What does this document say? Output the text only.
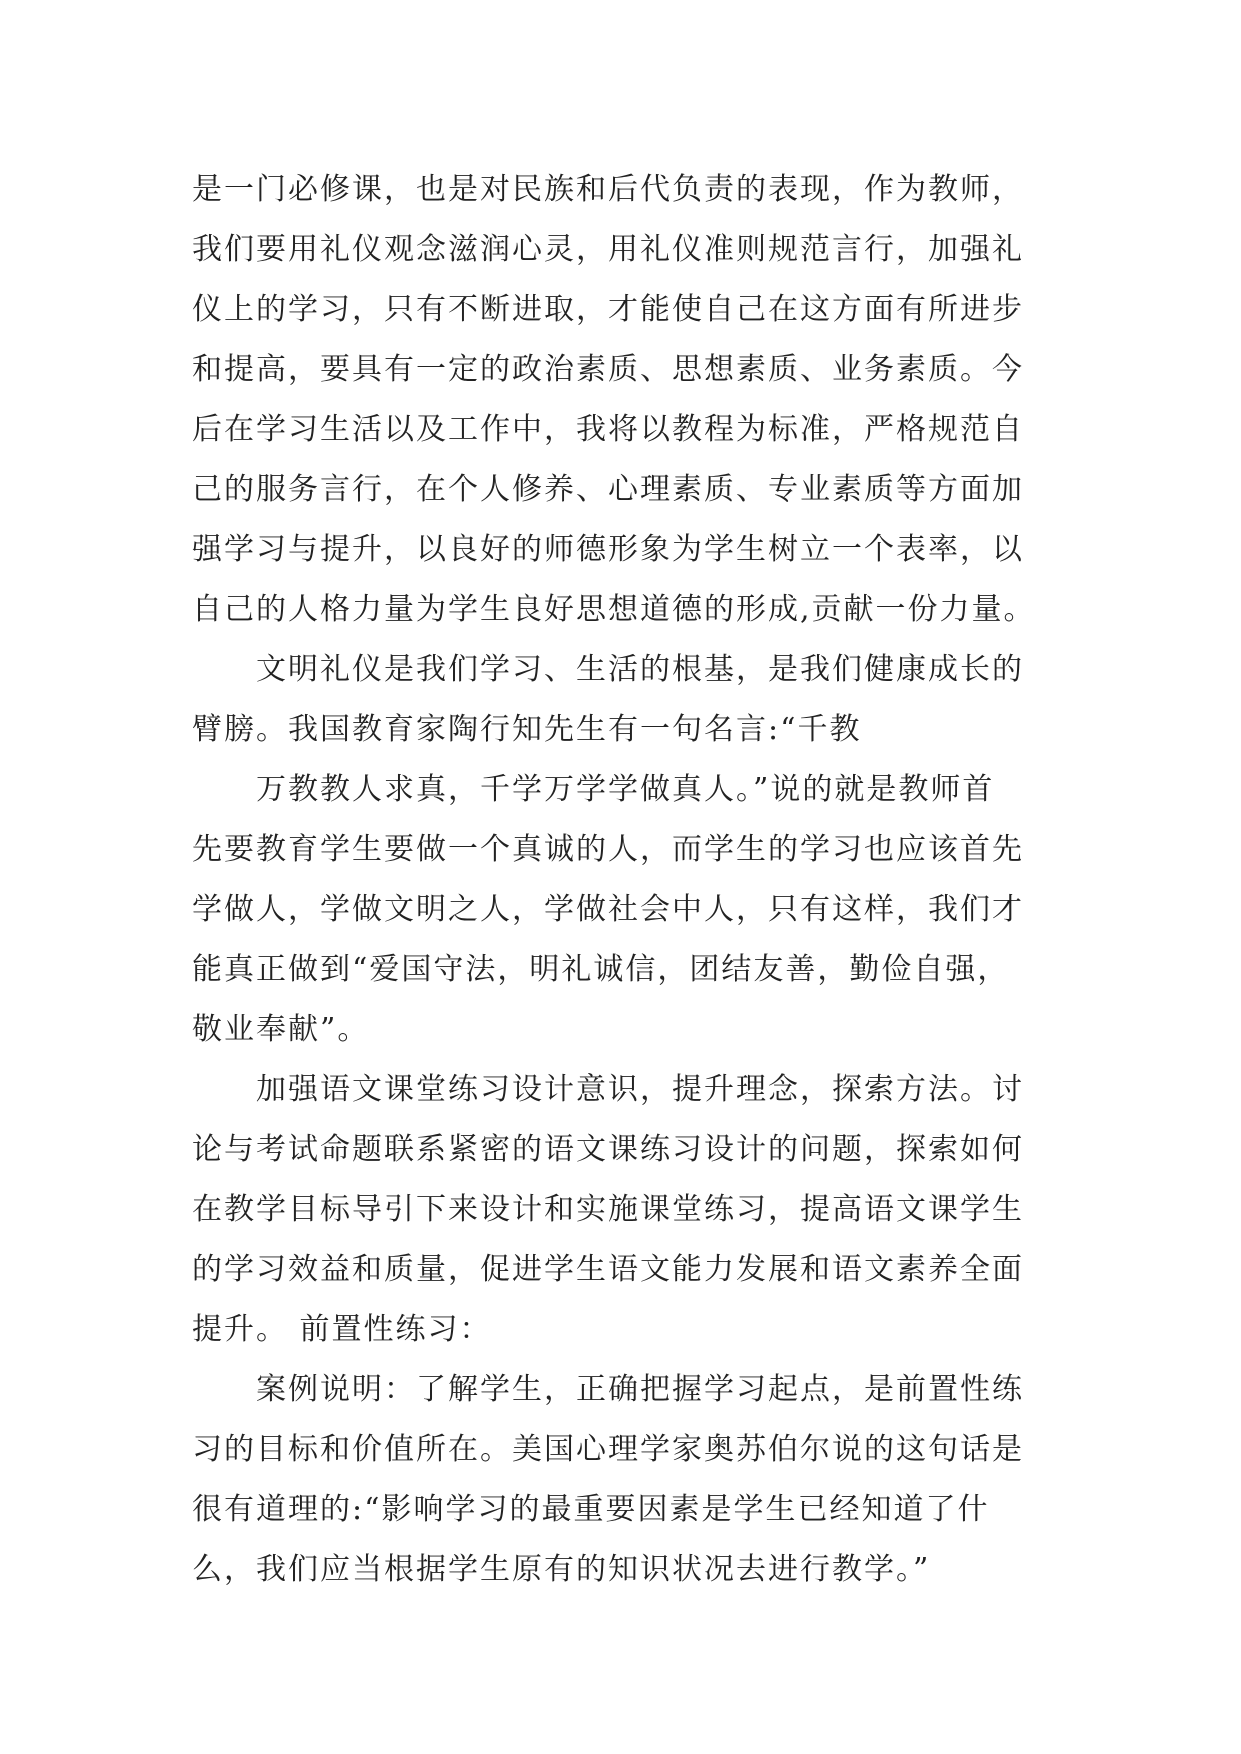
是一门必修课，也是对民族和后代负责的表现，作为教师，
我们要用礼仪观念滋润心灵，用礼仪准则规范言行，加强礼
仪上的学习，只有不断进取，才能使自己在这方面有所进步
和提高，要具有一定的政治素质、思想素质、业务素质。今
后在学习生活以及工作中，我将以教程为标准，严格规范自
己的服务言行，在个人修养、心理素质、专业素质等方面加
强学习与提升，以良好的师德形象为学生树立一个表率，以
自己的人格力量为学生良好思想道德的形成,贡献一份力量。
文明礼仪是我们学习、生活的根基，是我们健康成长的
臂膀。我国教育家陶行知先生有一句名言:“千教
万教教人求真，千学万学学做真人。”说的就是教师首
先要教育学生要做一个真诚的人，而学生的学习也应该首先
学做人，学做文明之人，学做社会中人，只有这样，我们才
能真正做到“爱国守法，明礼诚信，团结友善，勤俭自强，
敬业奉献”。
加强语文课堂练习设计意识，提升理念，探索方法。讨
论与考试命题联系紧密的语文课练习设计的问题，探索如何
在教学目标导引下来设计和实施课堂练习，提高语文课学生
的学习效益和质量，促进学生语文能力发展和语文素养全面
提升。 前置性练习：
案例说明：了解学生，正确把握学习起点，是前置性练
习的目标和价值所在。美国心理学家奥苏伯尔说的这句话是
很有道理的:“影响学习的最重要因素是学生已经知道了什
么，我们应当根据学生原有的知识状况去进行教学。”
